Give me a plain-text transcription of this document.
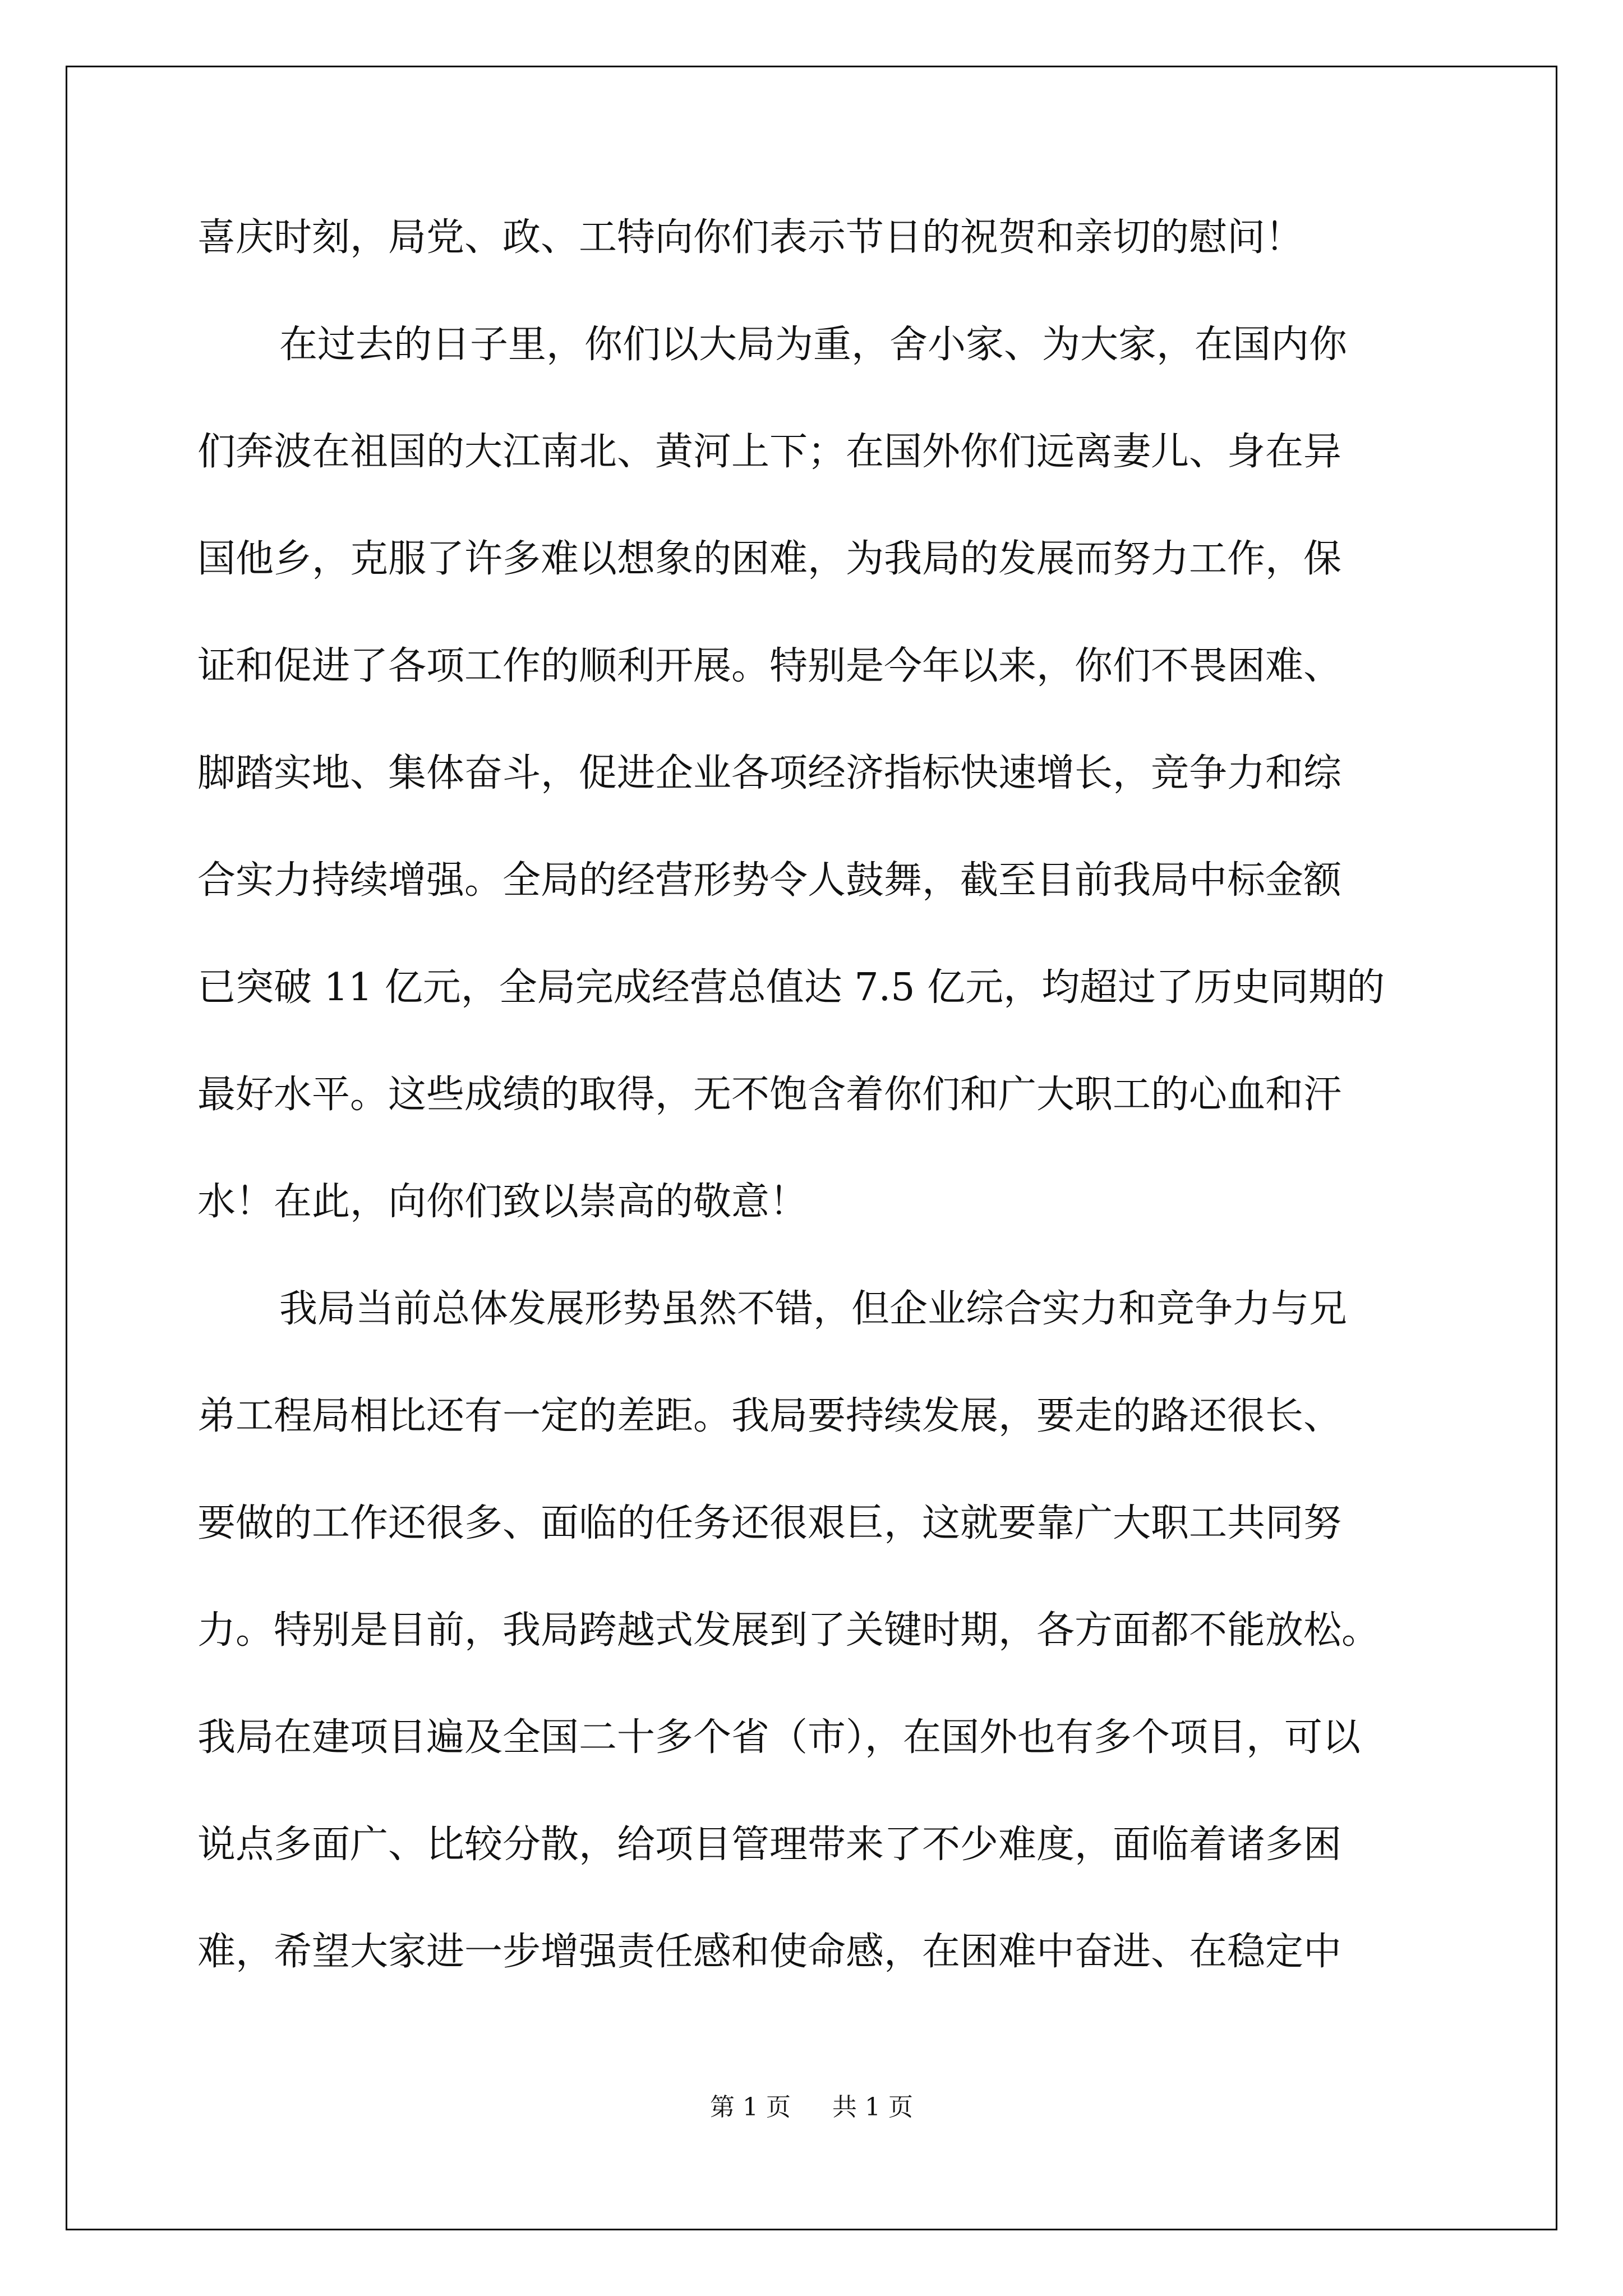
喜庆时刻，局党、政、工特向你们表示节日的祝贺和亲切的慰问！
在过去的日子里，你们以大局为重，舍小家、为大家，在国内你
们奔波在祖国的大江南北、黄河上下；在国外你们远离妻儿、身在异
国他乡，克服了许多难以想象的困难，为我局的发展而努力工作，保
证和促进了各项工作的顺利开展。特别是今年以来，你们不畏困难、
脚踏实地、集体奋斗，促进企业各项经济指标快速增长，竞争力和综
合实力持续增强。全局的经营形势令人鼓舞，截至目前我局中标金额
已突破 11 亿元，全局完成经营总值达 7.5 亿元，均超过了历史同期的
最好水平。这些成绩的取得，无不饱含着你们和广大职工的心血和汗
水！在此，向你们致以崇高的敬意！
我局当前总体发展形势虽然不错，但企业综合实力和竞争力与兄
弟工程局相比还有一定的差距。我局要持续发展，要走的路还很长、
要做的工作还很多、面临的任务还很艰巨，这就要靠广大职工共同努
力。特别是目前，我局跨越式发展到了关键时期，各方面都不能放松。
我局在建项目遍及全国二十多个省（市），在国外也有多个项目，可以
说点多面广、比较分散，给项目管理带来了不少难度，面临着诸多困
难，希望大家进一步增强责任感和使命感，在困难中奋进、在稳定中
第 1 页 共 1 页
